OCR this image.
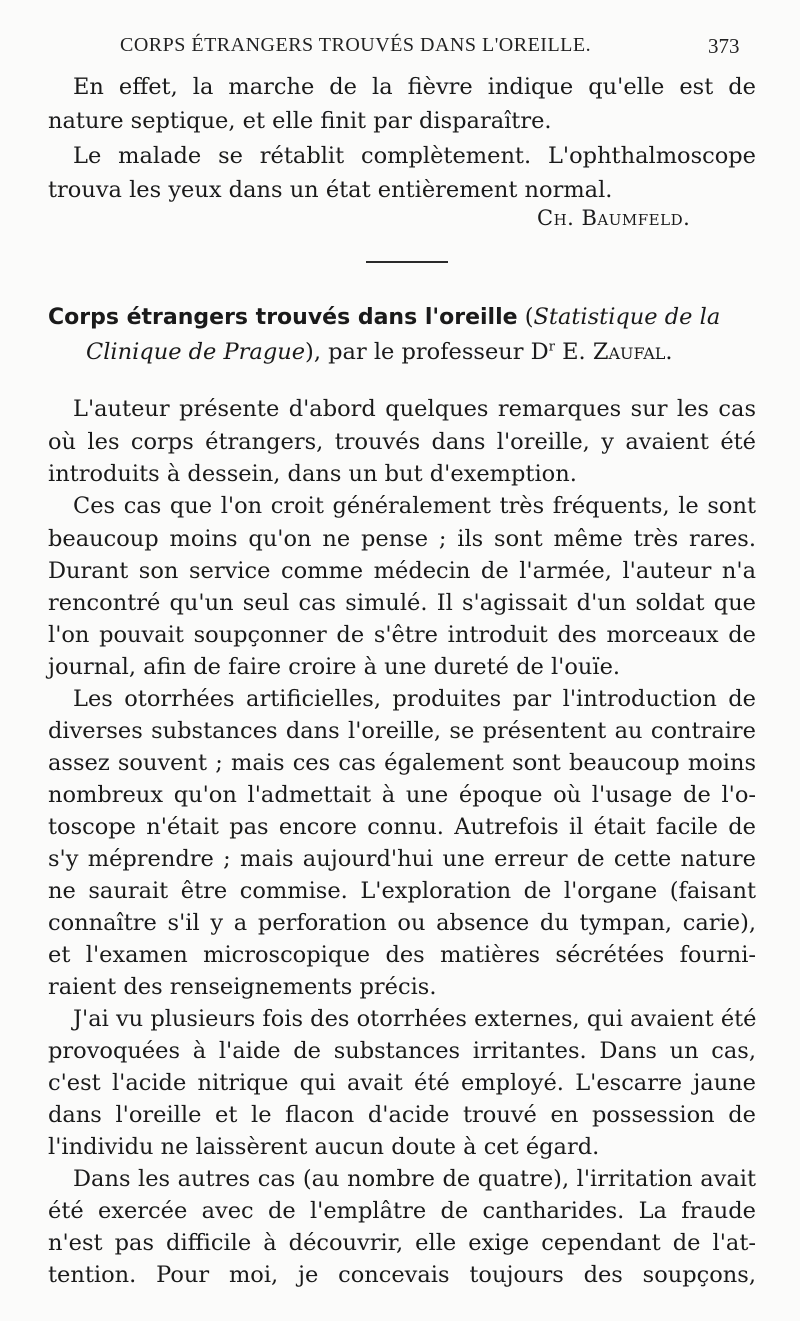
CORPS ÉTRANGERS TROUVÉS DANS L'OREILLE.	373
En effet, la marche de la fièvre indique qu'elle est de
nature septique, et elle finit par disparaître.
Le malade se rétablit complètement. L'ophthalmoscope
trouva les yeux dans un état entièrement normal.
Ch. Baumfeld.
Corps étrangers trouvés dans l'oreille (Statistique de la
Clinique de Prague), par le professeur $D^r$ E. Zaufal.
L'auteur présente d'abord quelques remarques sur les cas
où les corps étrangers, trouvés dans l'oreille, y avaient été
introduits à dessein, dans un but d'exemption.
Ces cas que l'on croit généralement très fréquents, le sont
beaucoup moins qu'on ne pense ; ils sont même très rares.
Durant son service comme médecin de l'armée, l'auteur n'a
rencontré qu'un seul cas simulé. Il s'agissait d'un soldat que
l'on pouvait soupçonner de s'être introduit des morceaux de
journal, afin de faire croire à une dureté de l'ouïe.
Les otorrhées artificielles, produites par l'introduction de
diverses substances dans l'oreille, se présentent au contraire
assez souvent ; mais ces cas également sont beaucoup moins
nombreux qu'on l'admettait à une époque où l'usage de l'o-
toscope n'était pas encore connu. Autrefois il était facile de
s'y méprendre ; mais aujourd'hui une erreur de cette nature
ne saurait être commise. L'exploration de l'organe (faisant
connaître s'il y a perforation ou absence du tympan, carie),
et l'examen microscopique des matières sécrétées fourni-
raient des renseignements précis.
J'ai vu plusieurs fois des otorrhées externes, qui avaient été
provoquées à l'aide de substances irritantes. Dans un cas,
c'est l'acide nitrique qui avait été employé. L'escarre jaune
dans l'oreille et le flacon d'acide trouvé en possession de
l'individu ne laissèrent aucun doute à cet égard.
Dans les autres cas (au nombre de quatre), l'irritation avait
été exercée avec de l'emplâtre de cantharides. La fraude
n'est pas difficile à découvrir, elle exige cependant de l'at-
tention. Pour moi, je concevais toujours des soupçons,
